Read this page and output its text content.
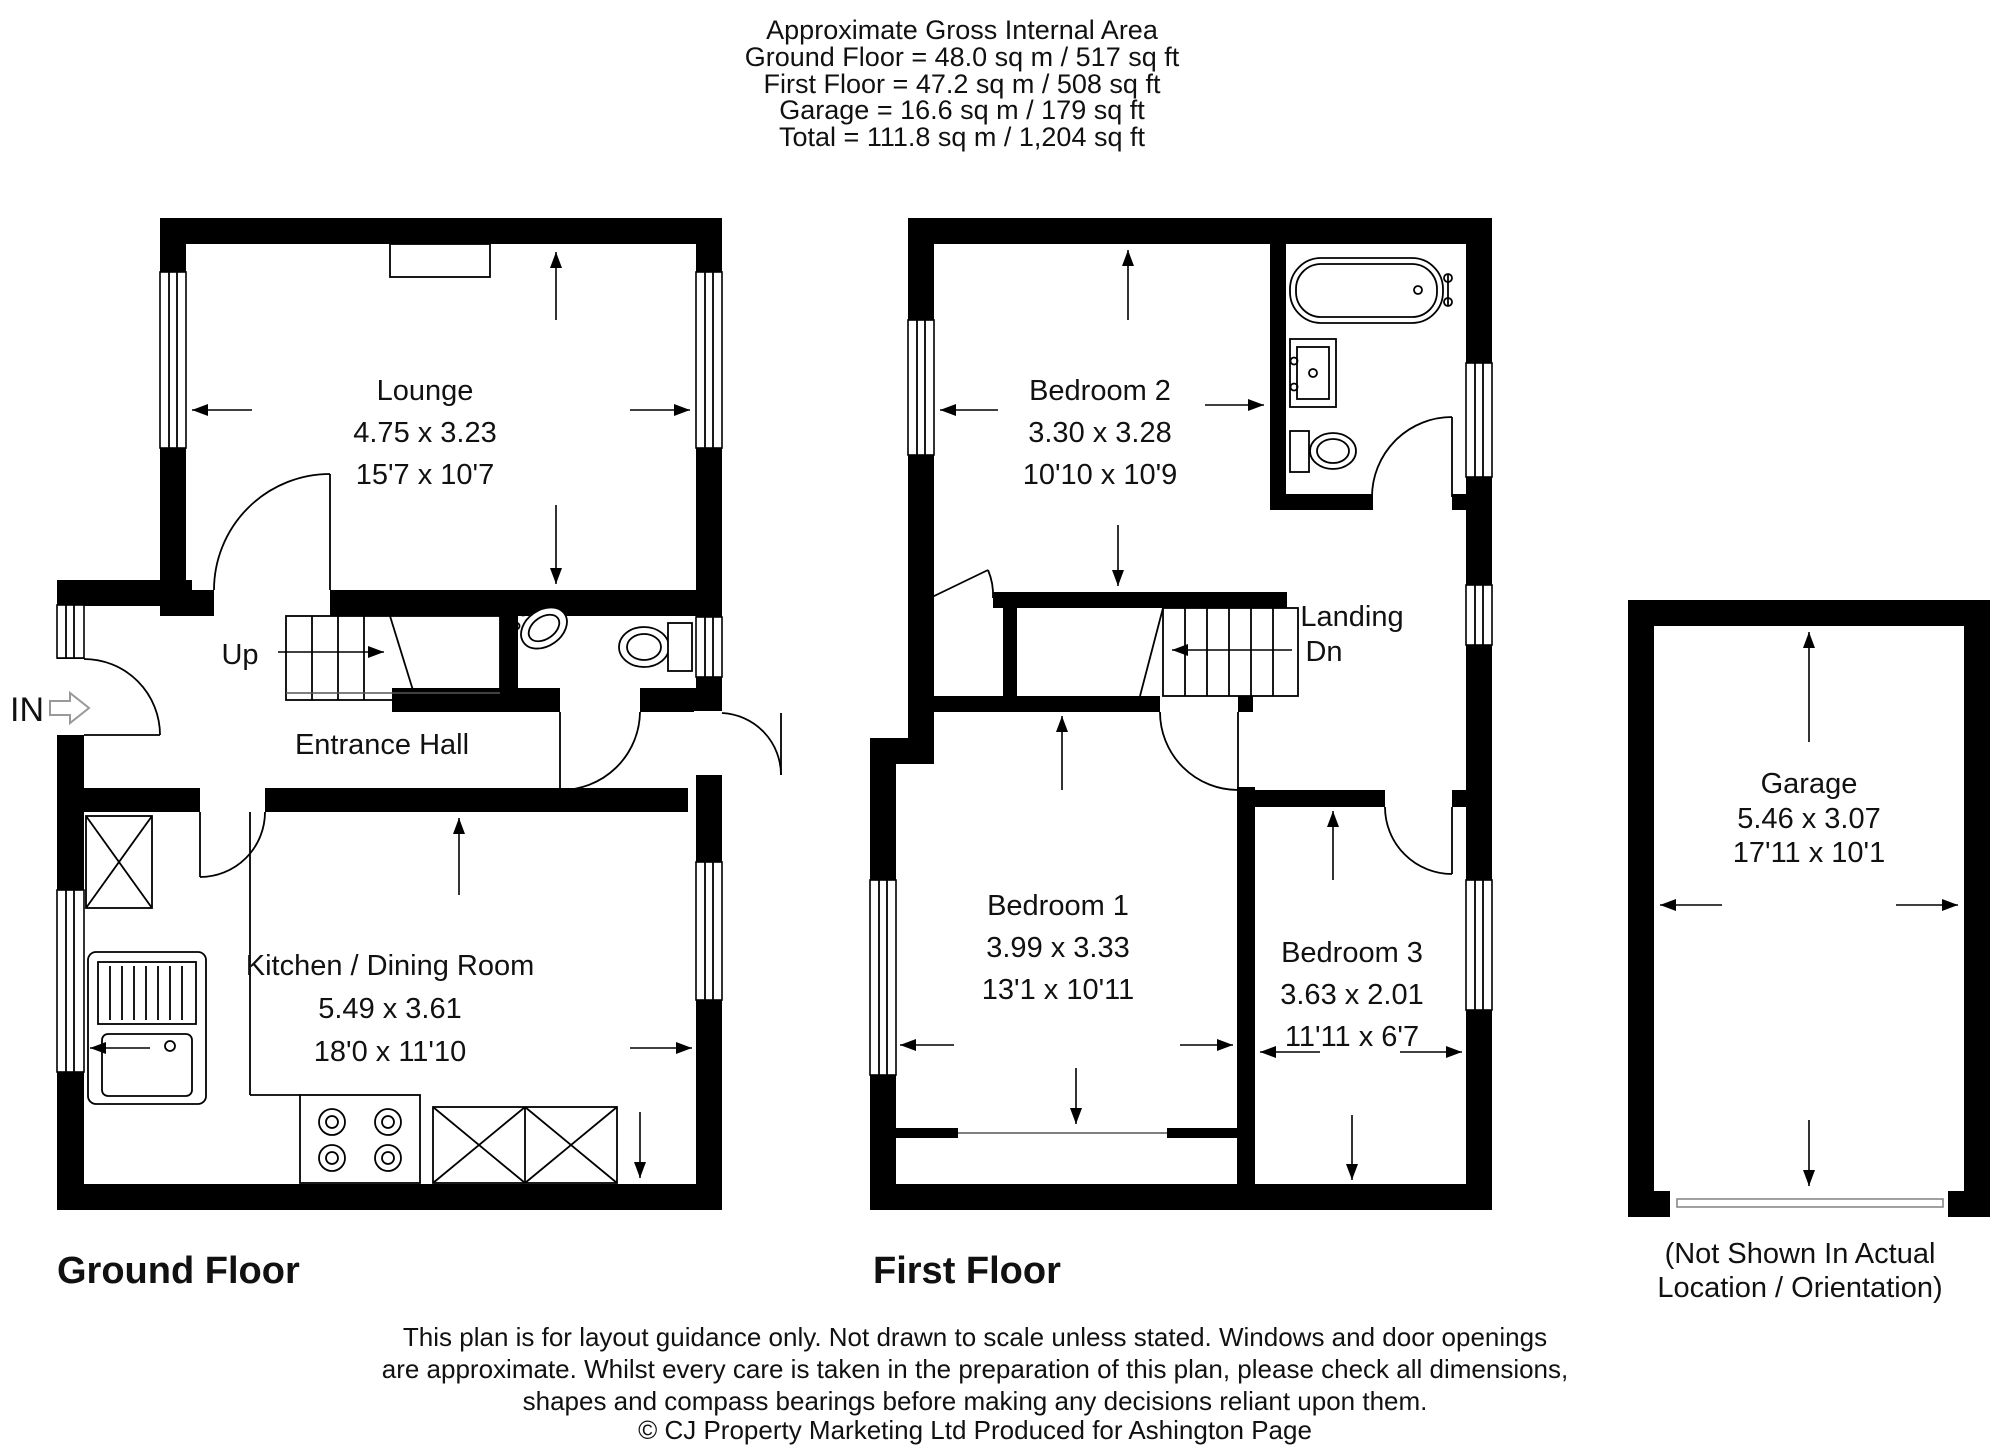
Lounge
4.75 x 3.23
15'7 x 10'7
Kitchen / Dining Room
5.49 x 3.61
18'0 x 11'10
Entrance Hall
Up
IN
Ground Floor
Bedroom 2
3.30 x 3.28
10'10 x 10'9
Bedroom 1
3.99 x 3.33
13'1 x 10'11
Bedroom 3
3.63 x 2.01
11'11 x 6'7
Landing
Dn
First Floor
Garage
5.46 x 3.07
17'11 x 10'1
(Not Shown In Actual
Location / Orientation)
Approximate Gross Internal Area
Ground Floor = 48.0 sq m / 517 sq ft
First Floor = 47.2 sq m / 508 sq ft
Garage = 16.6 sq m / 179 sq ft
Total = 111.8 sq m / 1,204 sq ft
This plan is for layout guidance only. Not drawn to scale unless stated. Windows and door openings
are approximate. Whilst every care is taken in the preparation of this plan, please check all dimensions,
shapes and compass bearings before making any decisions reliant upon them.
© CJ Property Marketing Ltd Produced for Ashington Page
